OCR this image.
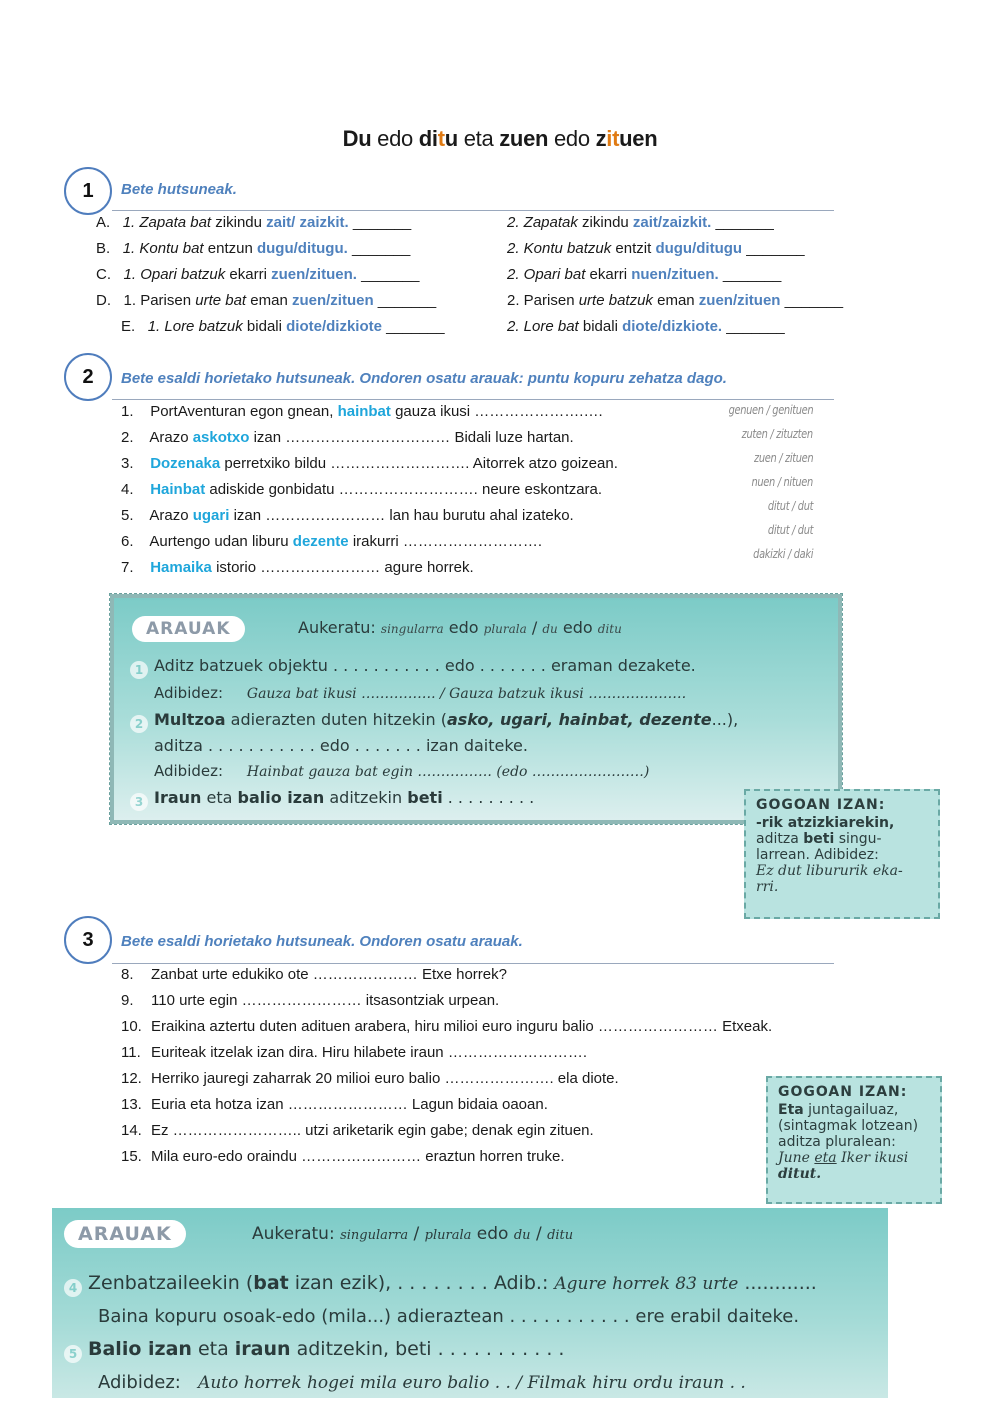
Du edo ditu eta zuen edo zituen
1	Bete hutsuneak.
A. 1. Zapata bat zikindu zait/ zaizkit. _______	2. Zapatak zikindu zait/zaizkit. _______
B. 1. Kontu bat entzun dugu/ditugu. _______	2. Kontu batzuk entzit dugu/ditugu _______
C. 1. Opari batzuk ekarri zuen/zituen. _______	2. Opari bat ekarri nuen/zituen. _______
D. 1. Parisen urte bat eman zuen/zituen _______	2. Parisen urte batzuk eman zuen/zituen _______
E. 1. Lore batzuk bidali diote/dizkiote _______	2. Lore bat bidali diote/dizkiote. _______
2	Bete esaldi horietako hutsuneak. Ondoren osatu arauak: puntu kopuru zehatza dago.
1. PortAventuran egon gnean, hainbat gauza ikusi ………………….….
2. Arazo askotxo izan …………………………… Bidali luze hartan.
3. Dozenaka perretxiko bildu ………………………. Aitorrek atzo goizean.
4. Hainbat adiskide gonbidatu ………………………. neure eskontzara.
5. Arazo ugari izan …………………… lan hau burutu ahal izateko.
6. Aurtengo udan liburu dezente irakurri ……………………….
7. Hamaika istorio …………………… agure horrek.
genuen / genituen
zuten / zituzten
zuen / zituen
nuen / nituen
ditut / dut
ditut / dut
dakizki / daki
ARAUAK	Aukeratu: singularra edo plurala / du edo ditu
1 Aditz batzuek objektu . . . . . . . . . . . edo . . . . . . . eraman dezakete.
Adibidez: Gauza bat ikusi ……………. / Gauza batzuk ikusi …………………
2 Multzoa adierazten duten hitzekin (asko, ugari, hainbat, dezente...),
aditza . . . . . . . . . . . edo . . . . . . . izan daiteke.
Adibidez: Hainbat gauza bat egin ……………. (edo ……………………)
3 Iraun eta balio izan aditzekin beti . . . . . . . . .	GOGOAN IZAN:
-rik atzizkiarekin,
aditza beti singu-
larrean. Adibidez:
Ez dut libururik eka-
rri.
3	Bete esaldi horietako hutsuneak. Ondoren osatu arauak.
8. Zanbat urte edukiko ote ………………… Etxe horrek?
9. 110 urte egin …………………… itsasontziak urpean.
10. Eraikina aztertu duten adituen arabera, hiru milioi euro inguru balio …………………… Etxeak.
11. Euriteak itzelak izan dira. Hiru hilabete iraun ……………………….
12. Herriko jauregi zaharrak 20 milioi euro balio …………………. ela diote.
13. Euria eta hotza izan …………………… Lagun bidaia oaoan.
14. Ez …………………….. utzi ariketarik egin gabe; denak egin zituen.
15. Mila euro-edo oraindu …………………… eraztun horren truke.
GOGOAN IZAN:
Eta juntagailuaz,
(sintagmak lotzean)
aditza pluralean:
June eta Iker ikusi
ditut.
ARAUAK	Aukeratu: singularra / plurala edo du / ditu
4 Zenbatzaileekin (bat izan ezik), . . . . . . . . Adib.: Agure horrek 83 urte ............
Baina kopuru osoak-edo (mila...) adieraztean . . . . . . . . . . . ere erabil daiteke.
5 Balio izan eta iraun aditzekin, beti . . . . . . . . . . .
Adibidez: Auto horrek hogei mila euro balio . . / Filmak hiru ordu iraun . .
